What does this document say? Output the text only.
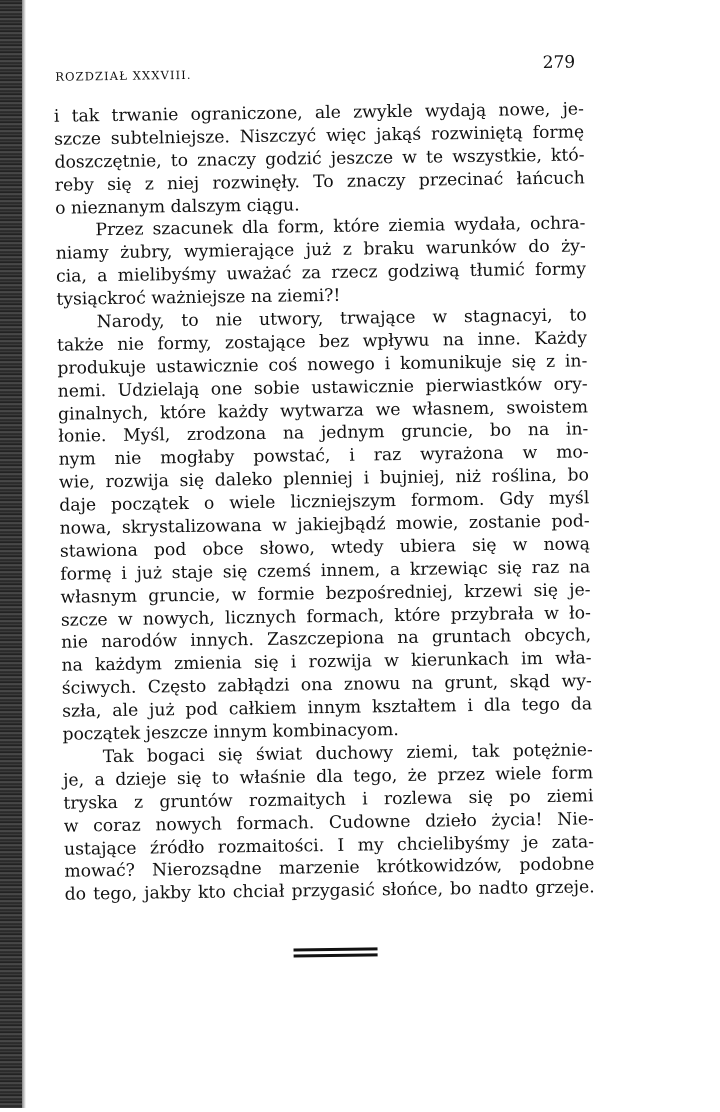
ROZDZIAŁ XXXVIII.
279
i tak trwanie ograniczone, ale zwykle wydają nowe, je-
szcze subtelniejsze. Niszczyć więc jakąś rozwiniętą formę
doszczętnie, to znaczy godzić jeszcze w te wszystkie, któ-
reby się z niej rozwinęły. To znaczy przecinać łańcuch
o nieznanym dalszym ciągu.
Przez szacunek dla form, które ziemia wydała, ochra-
niamy żubry, wymierające już z braku warunków do ży-
cia, a mielibyśmy uważać za rzecz godziwą tłumić formy
tysiąckroć ważniejsze na ziemi?!
Narody, to nie utwory, trwające w stagnacyi, to
także nie formy, zostające bez wpływu na inne. Każdy
produkuje ustawicznie coś nowego i komunikuje się z in-
nemi. Udzielają one sobie ustawicznie pierwiastków ory-
ginalnych, które każdy wytwarza we własnem, swoistem
łonie. Myśl, zrodzona na jednym gruncie, bo na in-
nym nie mogłaby powstać, i raz wyrażona w mo-
wie, rozwija się daleko plenniej i bujniej, niż roślina, bo
daje początek o wiele liczniejszym formom. Gdy myśl
nowa, skrystalizowana w jakiejbądź mowie, zostanie pod-
stawiona pod obce słowo, wtedy ubiera się w nową
formę i już staje się czemś innem, a krzewiąc się raz na
własnym gruncie, w formie bezpośredniej, krzewi się je-
szcze w nowych, licznych formach, które przybrała w ło-
nie narodów innych. Zaszczepiona na gruntach obcych,
na każdym zmienia się i rozwija w kierunkach im wła-
ściwych. Często zabłądzi ona znowu na grunt, skąd wy-
szła, ale już pod całkiem innym kształtem i dla tego da
początek jeszcze innym kombinacyom.
Tak bogaci się świat duchowy ziemi, tak potężnie-
je, a dzieje się to właśnie dla tego, że przez wiele form
tryska z gruntów rozmaitych i rozlewa się po ziemi
w coraz nowych formach. Cudowne dzieło życia! Nie-
ustające źródło rozmaitości. I my chcielibyśmy je zata-
mować? Nierozsądne marzenie krótkowidzów, podobne
do tego, jakby kto chciał przygasić słońce, bo nadto grzeje.
